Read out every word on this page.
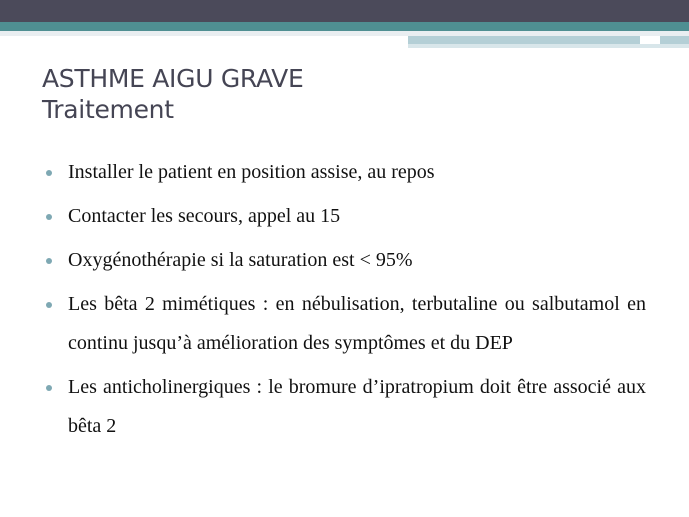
ASTHME AIGU GRAVE
Traitement
Installer le patient en position assise, au repos
Contacter les secours, appel au 15
Oxygénothérapie si la saturation est < 95%
Les bêta 2 mimétiques : en nébulisation, terbutaline ou salbutamol en continu jusqu’à amélioration des symptômes et du DEP
Les anticholinergiques : le bromure d’ipratropium doit être associé aux bêta 2
